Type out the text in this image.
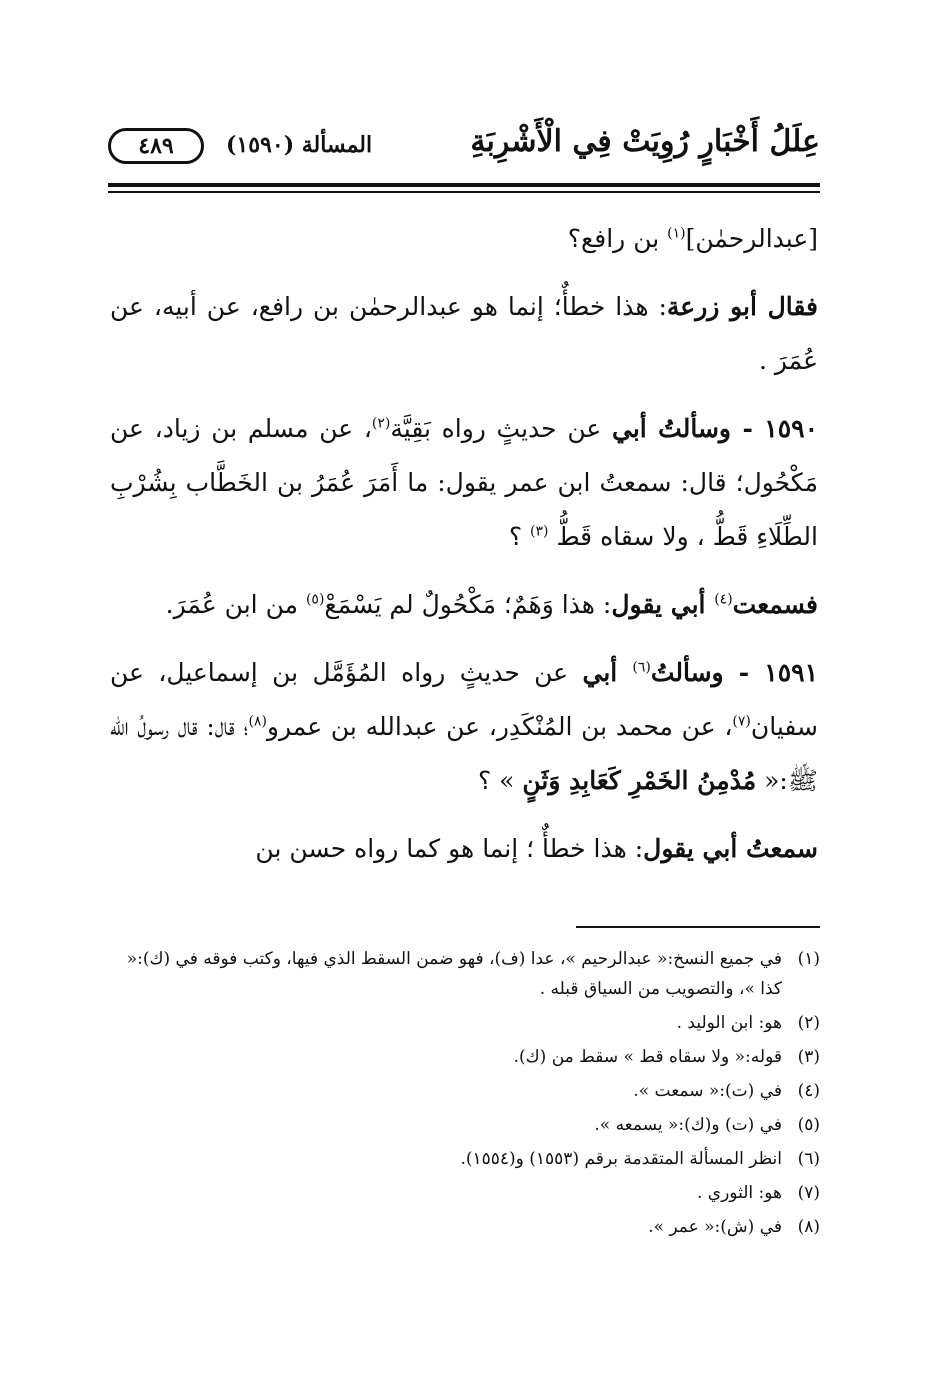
عِلَلُ أَخْبَارٍ رُوِيَتْ فِي الْأَشْرِبَةِ
المسألة (١٥٩٠)
٤٨٩

[عبدالرحمٰن]$^{(١)}$ بن رافع؟

فقال أبو زرعة: هذا خطأٌ؛ إنما هو عبدالرحمٰن بن رافع، عن أبيه، عن عُمَرَ .

١٥٩٠ - وسألتُ أبي عن حديثٍ رواه بَقِيَّة$^{(٢)}$، عن مسلم بن زياد، عن مَكْحُول؛ قال: سمعتُ ابن عمر يقول: ما أَمَرَ عُمَرُ بن الخَطَّاب بِشُرْبِ الطِّلَاءِ قَطُّ ، ولا سقاه قَطُّ $^{(٣)}$ ؟

فسمعت$^{(٤)}$ أبي يقول: هذا وَهَمٌ؛ مَكْحُولٌ لم يَسْمَعْ$^{(٥)}$ من ابن عُمَرَ.

١٥٩١ - وسألتُ$^{(٦)}$ أبي عن حديثٍ رواه المُؤَمَّل بن إسماعيل، عن سفيان$^{(٧)}$، عن محمد بن المُنْكَدِر، عن عبدالله بن عمرو$^{(٨)}$؛ قال: قال رسولُ الله ﷺ:« مُدْمِنُ الخَمْرِ كَعَابِدِ وَثَنٍ » ؟

سمعتُ أبي يقول: هذا خطأٌ ؛ إنما هو كما رواه حسن بن

(١)
في جميع النسخ:« عبدالرحيم »، عدا (ف)، فهو ضمن السقط الذي فيها، وكتب فوقه في (ك):« كذا »، والتصويب من السياق قبله .
(٢)
هو: ابن الوليد .
(٣)
قوله:« ولا سقاه قط » سقط من (ك).
(٤)
في (ت):« سمعت ».
(٥)
في (ت) و(ك):« يسمعه ».
(٦)
انظر المسألة المتقدمة برقم (١٥٥٣) و(١٥٥٤).
(٧)
هو: الثوري .
(٨)
في (ش):« عمر ».
